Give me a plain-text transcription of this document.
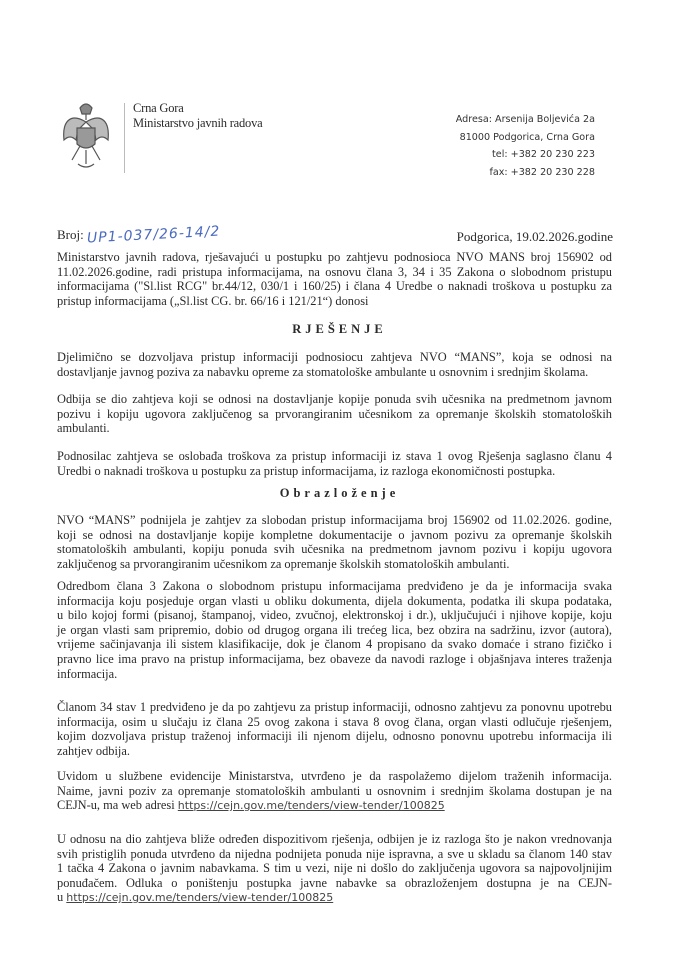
Crna Gora
Ministarstvo javnih radova	Adresa: Arsenija Boljevića 2a
81000 Podgorica, Crna Gora
tel: +382 20 230 223
fax: +382 20 230 228
Broj: UP1-037/26-14/2	Podgorica, 19.02.2026.godine
Ministarstvo javnih radova, rješavajući u postupku po zahtjevu podnosioca NVO MANS broj 156902 od
11.02.2026.godine, radi pristupa informacijama, na osnovu člana 3, 34 i 35 Zakona o slobodnom pristupu
informacijama ("Sl.list RCG" br.44/12, 030/1 i 160/25) i člana 4 Uredbe o naknadi troškova u postupku za
pristup informacijama („Sl.list CG. br. 66/16 i 121/21“) donosi
RJEŠENJE
Djelimično se dozvoljava pristup informaciji podnosiocu zahtjeva NVO “MANS”, koja se odnosi na
dostavljanje javnog poziva za nabavku opreme za stomatološke ambulante u osnovnim i srednjim školama.
Odbija se dio zahtjeva koji se odnosi na dostavljanje kopije ponuda svih učesnika na predmetnom javnom
pozivu i kopiju ugovora zaključenog sa prvorangiranim učesnikom za opremanje školskih stomatoloških
ambulanti.
Podnosilac zahtjeva se oslobađa troškova za pristup informaciji iz stava 1 ovog Rješenja saglasno članu 4
Uredbi o naknadi troškova u postupku za pristup informacijama, iz razloga ekonomičnosti postupka.
Obrazloženje
NVO “MANS” podnijela je zahtjev za slobodan pristup informacijama broj 156902 od 11.02.2026. godine,
koji se odnosi na dostavljanje kopije kompletne dokumentacije o javnom pozivu za opremanje školskih
stomatoloških ambulanti, kopiju ponuda svih učesnika na predmetnom javnom pozivu i kopiju ugovora
zaključenog sa prvorangiranim učesnikom za opremanje školskih stomatoloških ambulanti.
Odredbom člana 3 Zakona o slobodnom pristupu informacijama predviđeno je da je informacija svaka
informacija koju posjeduje organ vlasti u obliku dokumenta, dijela dokumenta, podatka ili skupa podataka,
u bilo kojoj formi (pisanoj, štampanoj, video, zvučnoj, elektronskoj i dr.), uključujući i njihove kopije, koju
je organ vlasti sam pripremio, dobio od drugog organa ili trećeg lica, bez obzira na sadržinu, izvor (autora),
vrijeme sačinjavanja ili sistem klasifikacije, dok je članom 4 propisano da svako domaće i strano fizičko i
pravno lice ima pravo na pristup informacijama, bez obaveze da navodi razloge i objašnjava interes traženja
informacija.
Članom 34 stav 1 predviđeno je da po zahtjevu za pristup informaciji, odnosno zahtjevu za ponovnu upotrebu
informacija, osim u slučaju iz člana 25 ovog zakona i stava 8 ovog člana, organ vlasti odlučuje rješenjem,
kojim dozvoljava pristup traženoj informaciji ili njenom dijelu, odnosno ponovnu upotrebu informacija ili
zahtjev odbija.
Uvidom u službene evidencije Ministarstva, utvrđeno je da raspolažemo dijelom traženih informacija.
Naime, javni poziv za opremanje stomatoloških ambulanti u osnovnim i srednjim školama dostupan je na
CEJN-u, ma web adresi https://cejn.gov.me/tenders/view-tender/100825
U odnosu na dio zahtjeva bliže određen dispozitivom rješenja, odbijen je iz razloga što je nakon vrednovanja
svih pristiglih ponuda utvrđeno da nijedna podnijeta ponuda nije ispravna, a sve u skladu sa članom 140 stav
1 tačka 4 Zakona o javnim nabavkama. S tim u vezi, nije ni došlo do zaključenja ugovora sa najpovoljnijim
ponuđačem. Odluka o poništenju postupka javne nabavke sa obrazloženjem dostupna je na CEJN-
u https://cejn.gov.me/tenders/view-tender/100825
